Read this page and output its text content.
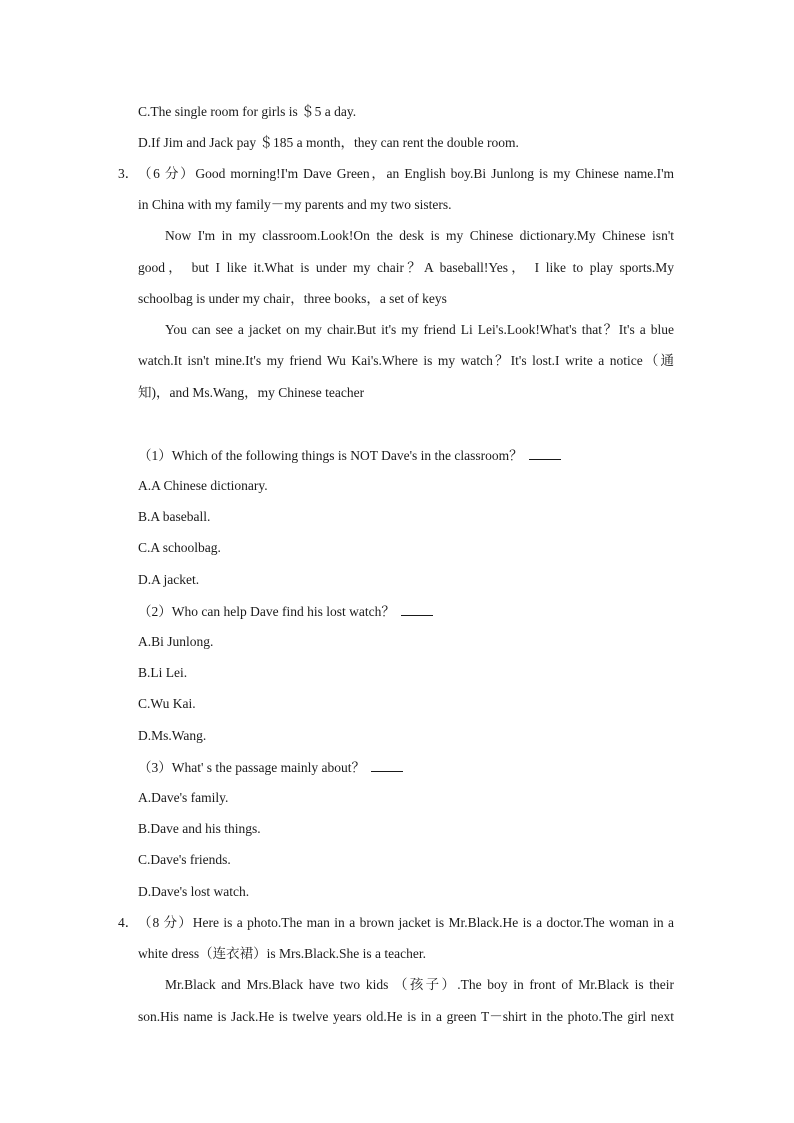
C.The single room for girls is ＄5 a day.
D.If Jim and Jack pay ＄185 a month，they can rent the double room.
3． （6 分）Good morning!I'm Dave Green，an English boy.Bi Junlong is my Chinese name.I'm
in China with my family－my parents and my two sisters.
Now I'm in my classroom.Look!On the desk is my Chinese dictionary.My Chinese isn't
good， but I like it.What is under my chair？A baseball!Yes， I like to play sports.My
schoolbag is under my chair，three books，a set of keys
You can see a jacket on my chair.But it's my friend Li Lei's.Look!What's that？It's a blue
watch.It isn't mine.It's my friend Wu Kai's.Where is my watch？It's lost.I write a notice（通
知)，and Ms.Wang，my Chinese teacher
（1）Which of the following things is NOT Dave's in the classroom？
A.A Chinese dictionary.
B.A baseball.
C.A schoolbag.
D.A jacket.
（2）Who can help Dave find his lost watch？
A.Bi Junlong.
B.Li Lei.
C.Wu Kai.
D.Ms.Wang.
（3）What' s the passage mainly about？
A.Dave's family.
B.Dave and his things.
C.Dave's friends.
D.Dave's lost watch.
4． （8 分）Here is a photo.The man in a brown jacket is Mr.Black.He is a doctor.The woman in a
white dress（连衣裙）is Mrs.Black.She is a teacher.
Mr.Black and Mrs.Black have two kids （孩子）.The boy in front of Mr.Black is their
son.His name is Jack.He is twelve years old.He is in a green T－shirt in the photo.The girl next
